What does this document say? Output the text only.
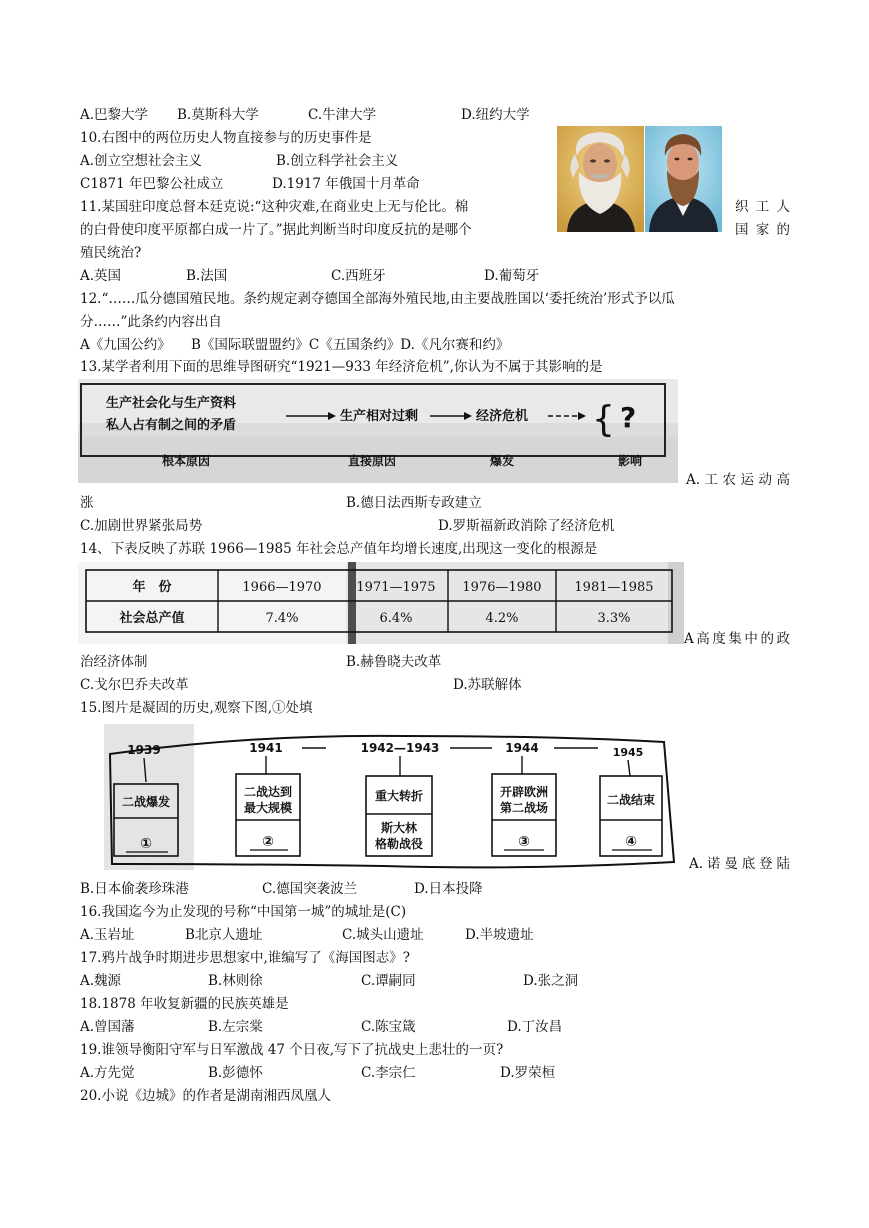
A.巴黎大学 B.莫斯科大学	C.牛津大学	D.纽约大学
10.右图中的两位历史人物直接参与的历史事件是
A.创立空想社会主义	B.创立科学社会主义
C1871 年巴黎公社成立	D.1917 年俄国十月革命
11.某国驻印度总督本廷克说:“这种灾难,在商业史上无与伦比。棉	织工人
的白骨使印度平原都白成一片了。”据此判断当时印度反抗的是哪个	国家的
殖民统治?
A.英国	B.法国	C.西班牙	D.葡萄牙
12.“……瓜分德国殖民地。条约规定剥夺德国全部海外殖民地,由主要战胜国以‘委托统治’形式予以瓜
分……”此条约内容出自
A《九国公约》　　B《国际联盟盟约》C《五国条约》D.《凡尔赛和约》
13.某学者利用下面的思维导图研究“1921—933 年经济危机”,你认为不属于其影响的是
生产社会化与生产资料
私人占有制之间的矛盾
生产相对过剩	经济危机 { ?
根本原因	直接原因	爆发	影响
A.工农运动高
涨	B.德日法西斯专政建立
C.加剧世界紧张局势	D.罗斯福新政消除了经济危机
14、下表反映了苏联 1966—1985 年社会总产值年均增长速度,出现这一变化的根源是
年　份	1966—1970	1971—1975 1976—1980	1981—1985
社会总产值	7.4%	6.4%	4.2%	3.3%
A高度集中的政
治经济体制	B.赫鲁晓夫改革
C.戈尔巴乔夫改革	D.苏联解体
15.图片是凝固的历史,观察下图,①处填
1939	1941	1942—1943	1944	1945
二战爆发
二战达到
最大规模
重大转折	开辟欧洲
第二战场
二战结束
①	②
斯大林
格勒战役	③	④
A.诺曼底登陆
B.日本偷袭珍珠港	C.德国突袭波兰	D.日本投降
16.我国迄今为止发现的号称“中国第一城”的城址是(C)
A.玉岩址	B北京人遗址	C.城头山遗址	D.半坡遗址
17.鸦片战争时期进步思想家中,谁编写了《海国图志》?
A.魏源	B.林则徐	C.谭嗣同	D.张之洞
18.1878 年收复新疆的民族英雄是
A.曾国藩	B.左宗棠	C.陈宝箴	D.丁汝昌
19.谁领导衡阳守军与日军激战 47 个日夜,写下了抗战史上悲壮的一页?
A.方先觉	B.彭德怀	C.李宗仁	D.罗荣桓
20.小说《边城》的作者是湖南湘西凤凰人
